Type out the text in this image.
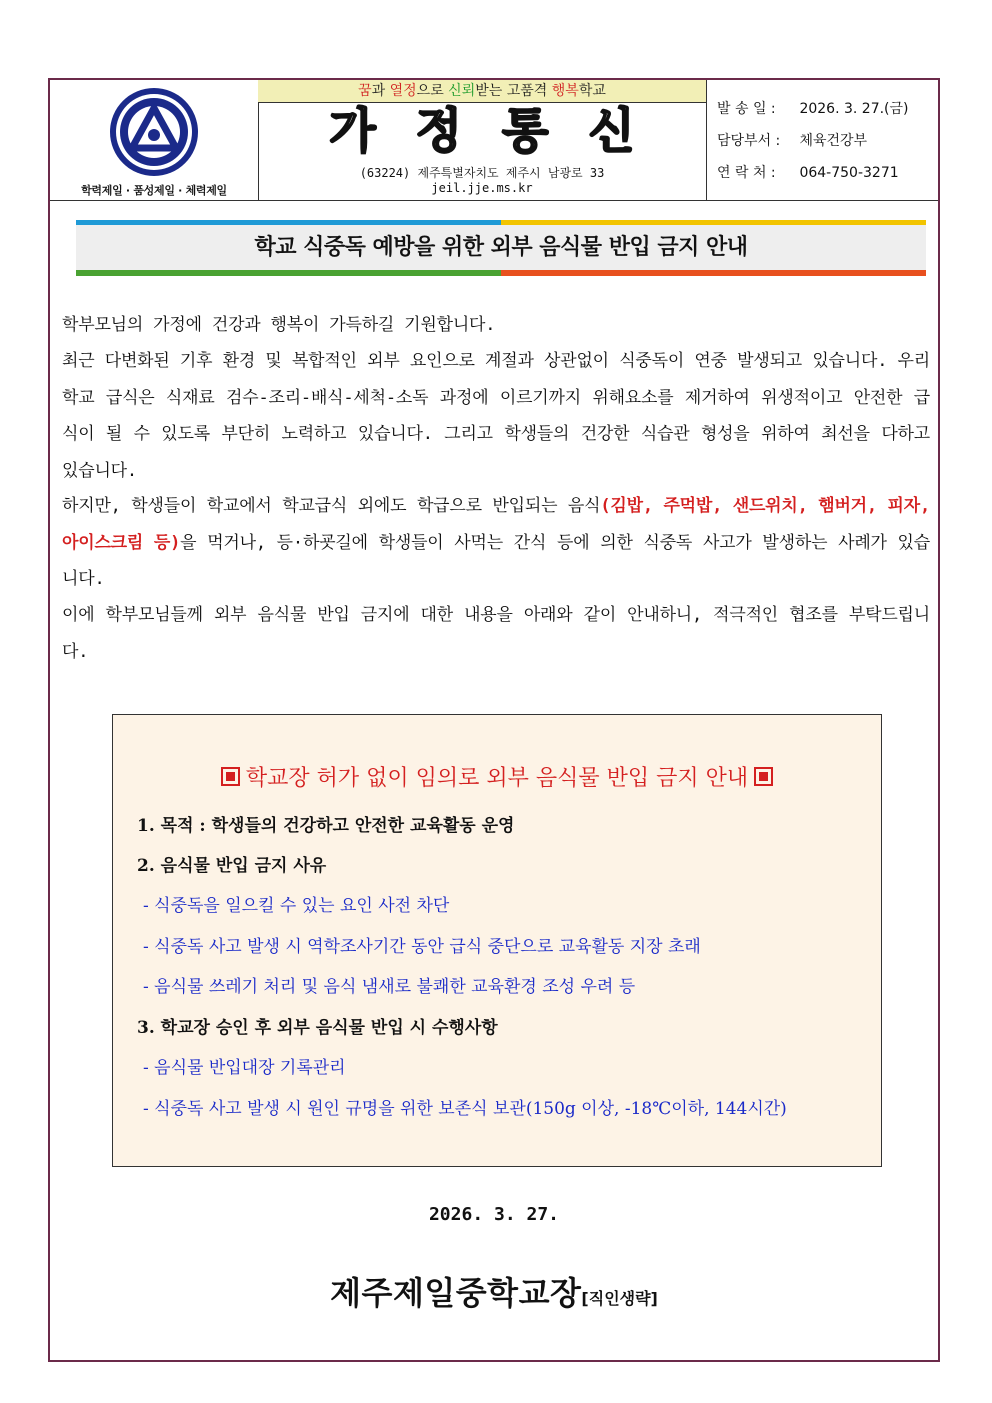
학력제일 · 품성제일 · 체력제일
꿈과 열정으로 신뢰받는 고품격 행복학교
가정통신
(63224) 제주특별자치도 제주시 남광로 33
jeil.jje.ms.kr
발 송 일 : 2026. 3. 27.(금)
담당부서 : 체육건강부
연 락 처 : 064-750-3271
학교 식중독 예방을 위한 외부 음식물 반입 금지 안내
학부모님의 가정에 건강과 행복이 가득하길 기원합니다.
최근 다변화된 기후 환경 및 복합적인 외부 요인으로 계절과 상관없이 식중독이 연중 발생되고 있습니다. 우리 학교 급식은 식재료 검수-조리-배식-세척-소독 과정에 이르기까지 위해요소를 제거하여 위생적이고 안전한 급식이 될 수 있도록 부단히 노력하고 있습니다. 그리고 학생들의 건강한 식습관 형성을 위하여 최선을 다하고 있습니다.
하지만, 학생들이 학교에서 학교급식 외에도 학급으로 반입되는 음식(김밥, 주먹밥, 샌드위치, 햄버거, 피자, 아이스크림 등)을 먹거나, 등·하굣길에 학생들이 사먹는 간식 등에 의한 식중독 사고가 발생하는 사례가 있습니다.
이에 학부모님들께 외부 음식물 반입 금지에 대한 내용을 아래와 같이 안내하니, 적극적인 협조를 부탁드립니다.
학교장 허가 없이 임의로 외부 음식물 반입 금지 안내
1. 목적 : 학생들의 건강하고 안전한 교육활동 운영
2. 음식물 반입 금지 사유
- 식중독을 일으킬 수 있는 요인 사전 차단
- 식중독 사고 발생 시 역학조사기간 동안 급식 중단으로 교육활동 지장 초래
- 음식물 쓰레기 처리 및 음식 냄새로 불쾌한 교육환경 조성 우려 등
3. 학교장 승인 후 외부 음식물 반입 시 수행사항
- 음식물 반입대장 기록관리
- 식중독 사고 발생 시 원인 규명을 위한 보존식 보관(150g 이상, -18℃이하, 144시간)
2026. 3. 27.
제주제일중학교장[직인생략]
